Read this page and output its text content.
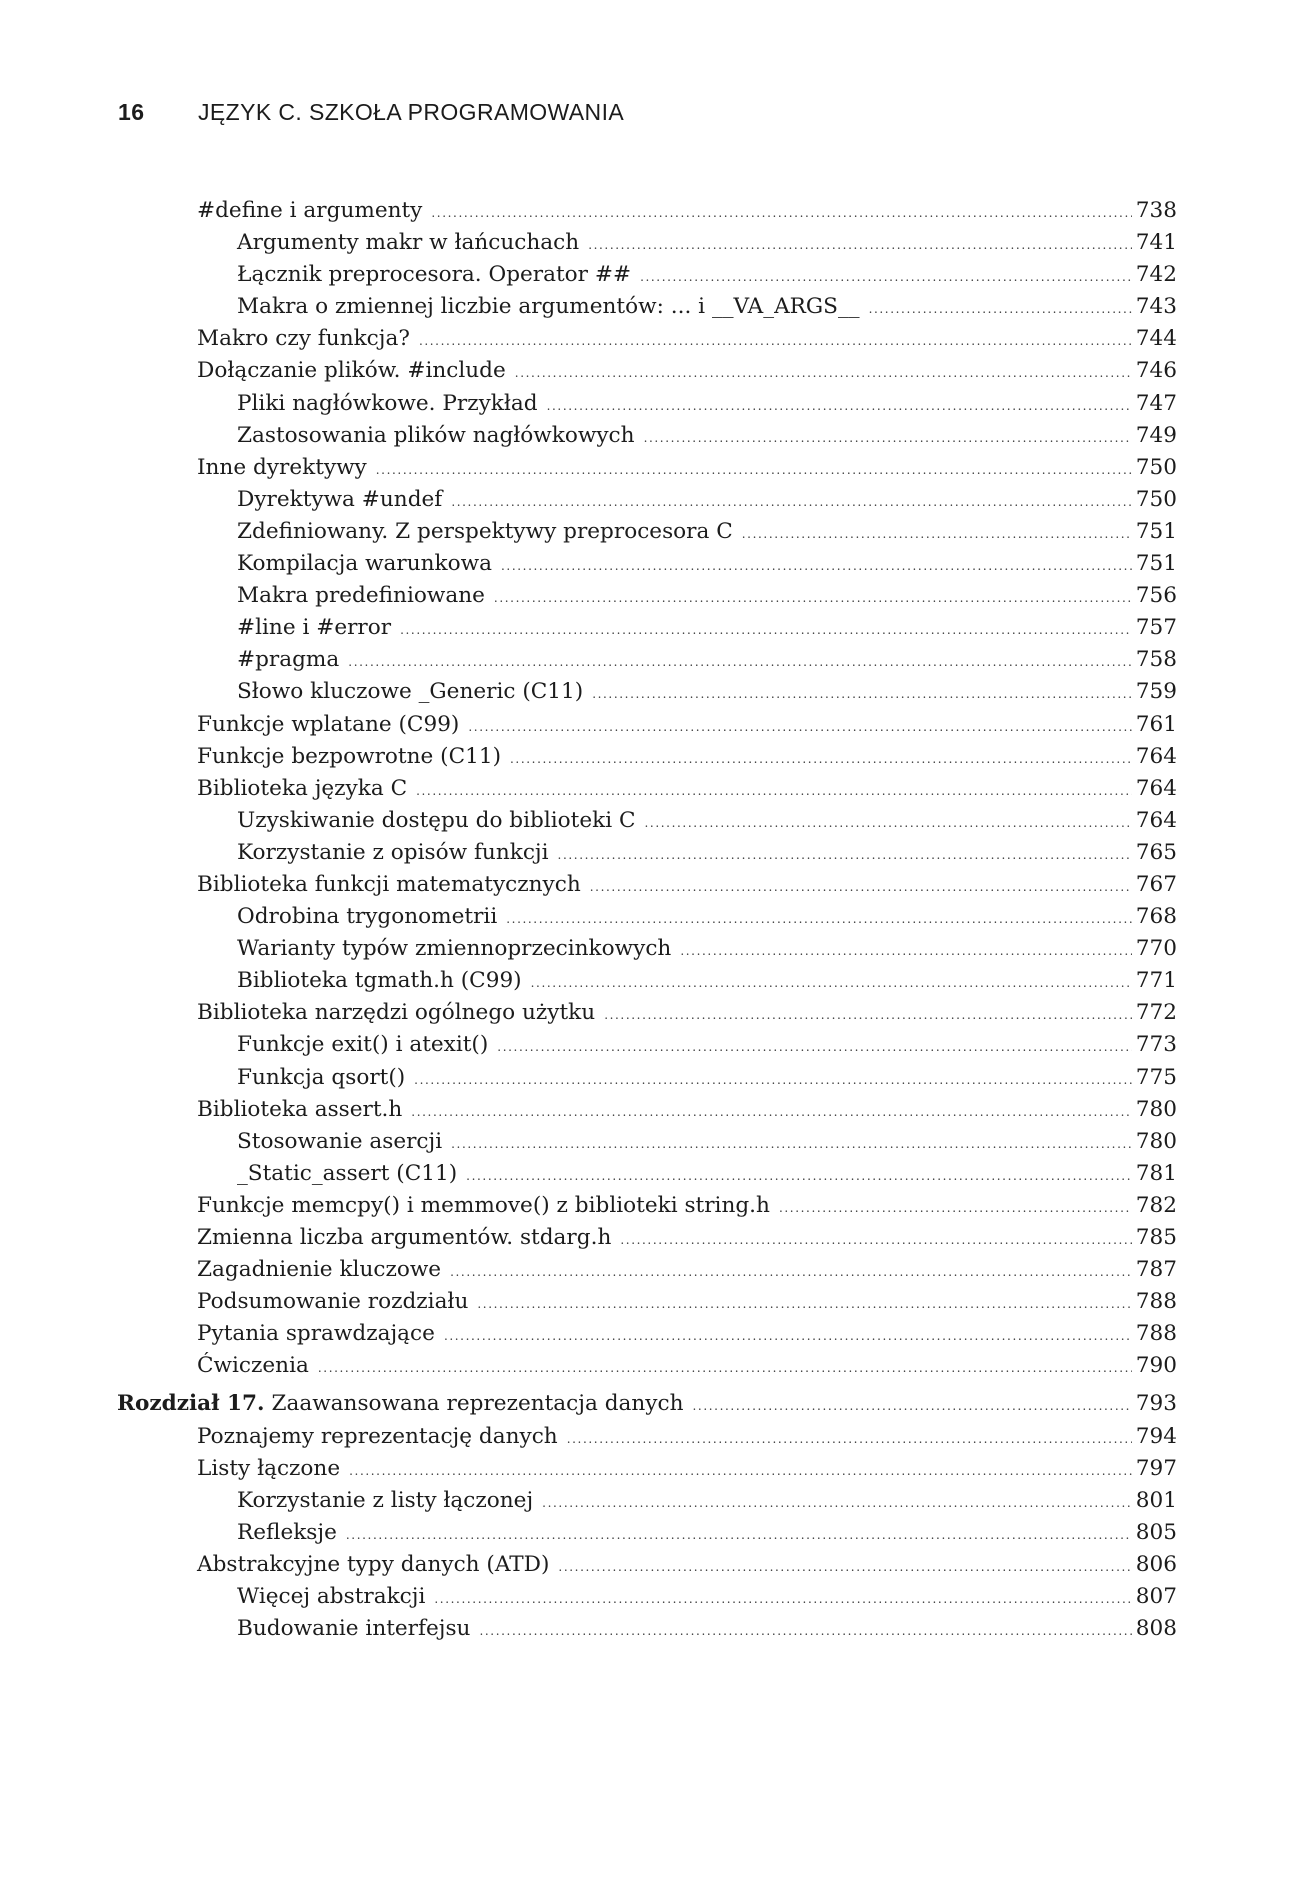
16 JĘZYK C. SZKOŁA PROGRAMOWANIA
#define i argumenty .....	738
Argumenty makr w łańcuchach .....	741
Łącznik preprocesora. Operator ## .....	742
Makra o zmiennej liczbie argumentów: ... i __VA_ARGS__ .....	743
Makro czy funkcja? .....	744
Dołączanie plików. #include .....	746
Pliki nagłówkowe. Przykład .....	747
Zastosowania plików nagłówkowych .....	749
Inne dyrektywy .....	750
Dyrektywa #undef .....	750
Zdefiniowany. Z perspektywy preprocesora C .....	751
Kompilacja warunkowa .....	751
Makra predefiniowane .....	756
#line i #error .....	757
#pragma .....	758
Słowo kluczowe _Generic (C11) .....	759
Funkcje wplatane (C99) .....	761
Funkcje bezpowrotne (C11) .....	764
Biblioteka języka C .....	764
Uzyskiwanie dostępu do biblioteki C .....	764
Korzystanie z opisów funkcji .....	765
Biblioteka funkcji matematycznych .....	767
Odrobina trygonometrii .....	768
Warianty typów zmiennoprzecinkowych .....	770
Biblioteka tgmath.h (C99) .....	771
Biblioteka narzędzi ogólnego użytku .....	772
Funkcje exit() i atexit() .....	773
Funkcja qsort() .....	775
Biblioteka assert.h .....	780
Stosowanie asercji .....	780
_Static_assert (C11) .....	781
Funkcje memcpy() i memmove() z biblioteki string.h .....	782
Zmienna liczba argumentów. stdarg.h .....	785
Zagadnienie kluczowe .....	787
Podsumowanie rozdziału .....	788
Pytania sprawdzające .....	788
Ćwiczenia .....	790
Rozdział 17. Zaawansowana reprezentacja danych .....	793
Poznajemy reprezentację danych .....	794
Listy łączone .....	797
Korzystanie z listy łączonej .....	801
Refleksje .....	805
Abstrakcyjne typy danych (ATD) .....	806
Więcej abstrakcji .....	807
Budowanie interfejsu .....	808
